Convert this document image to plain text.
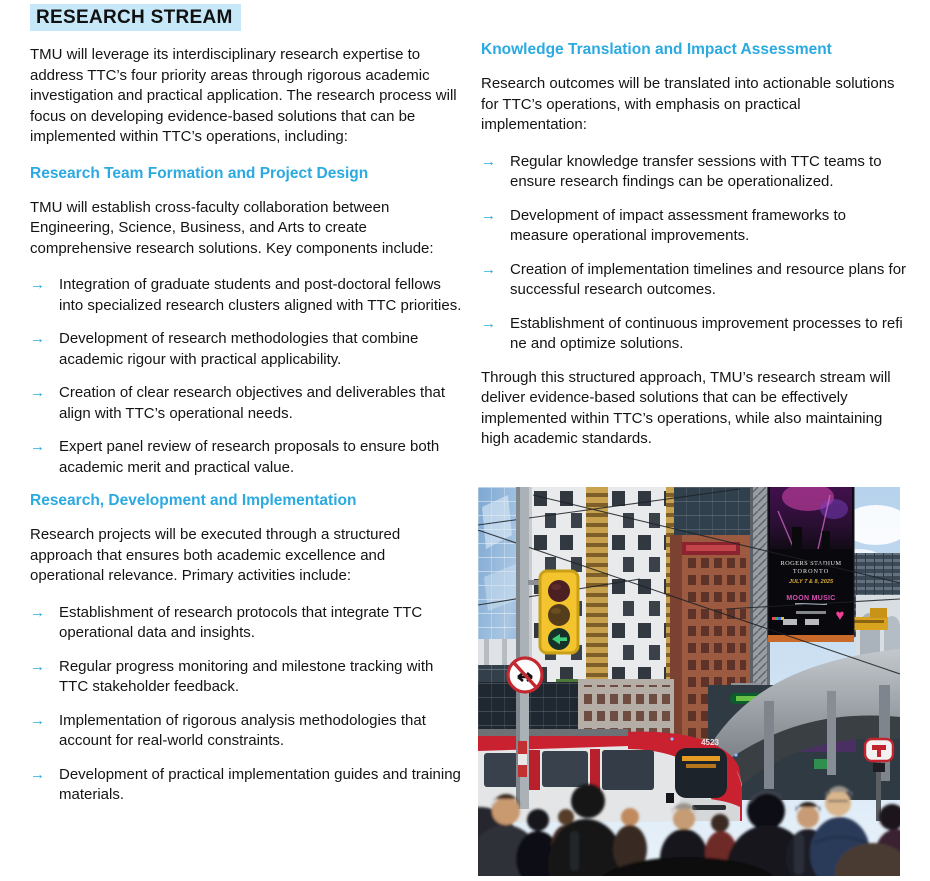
RESEARCH STREAM

TMU will leverage its interdisciplinary research expertise to address TTC’s four priority areas through rigorous academic investigation and practical application. The research process will focus on developing evidence-based solutions that can be implemented within TTC’s operations, including:

Research Team Formation and Project Design

TMU will establish cross-faculty collaboration between Engineering, Science, Business, and Arts to create comprehensive research solutions. Key components include:

→ Integration of graduate students and post-doctoral fellows into specialized research clusters aligned with TTC priorities.
→ Development of research methodologies that combine academic rigour with practical applicability.
→ Creation of clear research objectives and deliverables that align with TTC’s operational needs.
→ Expert panel review of research proposals to ensure both academic merit and practical value.
Research, Development and Implementation

Research projects will be executed through a structured approach that ensures both academic excellence and operational relevance. Primary activities include:

→ Establishment of research protocols that integrate TTC operational data and insights.
→ Regular progress monitoring and milestone tracking with TTC stakeholder feedback.
→ Implementation of rigorous analysis methodologies that account for real-world constraints.
→ Development of practical implementation guides and training materials.
Knowledge Translation and Impact Assessment

Research outcomes will be translated into actionable solutions for TTC’s operations, with emphasis on practical implementation:

→ Regular knowledge transfer sessions with TTC teams to ensure research findings can be operationalized.
→ Development of impact assessment frameworks to measure operational improvements.
→ Creation of implementation timelines and resource plans for successful research outcomes.
→ Establishment of continuous improvement processes to refi ne and optimize solutions.

Through this structured approach, TMU’s research stream will deliver evidence-based solutions that can be effectively implemented within TTC’s operations, while also maintaining high academic standards.

ROGERS STADIUM
TORONTO
JULY 7 & 8, 2025
MOON MUSIC
♥
4523
